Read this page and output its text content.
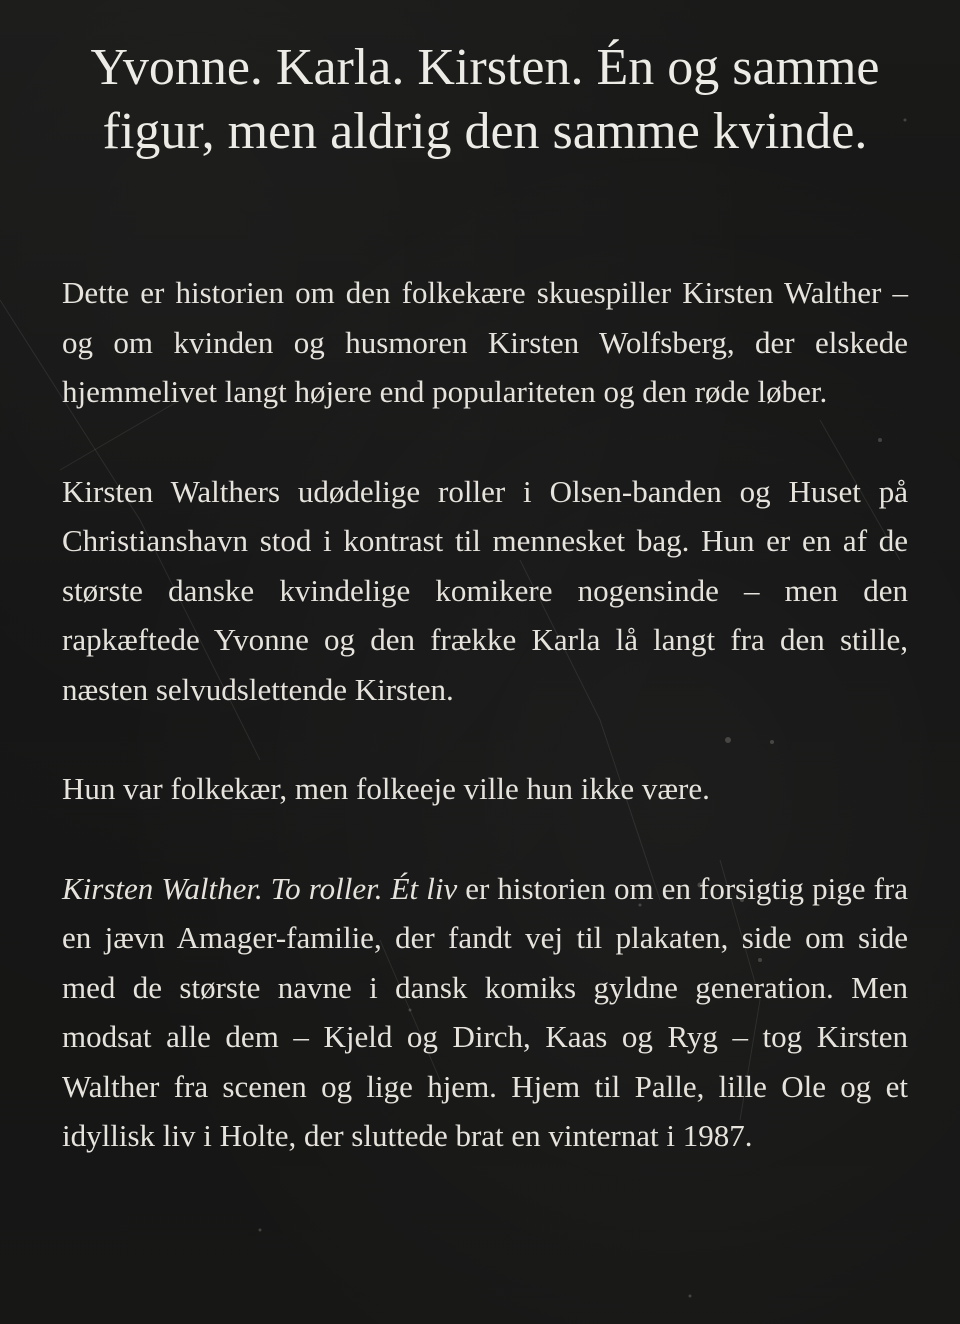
Yvonne. Karla. Kirsten. Én og samme
figur, men aldrig den samme kvinde.

Dette er historien om den folkekære skuespiller Kirsten Walther – og om kvinden og husmoren Kirsten Wolfsberg, der elskede hjemmelivet langt højere end populariteten og den røde løber.

Kirsten Walthers udødelige roller i Olsen-banden og Huset på Christianshavn stod i kontrast til mennesket bag. Hun er en af de største danske kvindelige komikere nogensinde – men den rapkæftede Yvonne og den frække Karla lå langt fra den stille, næsten selvudslettende Kirsten.

Hun var folkekær, men folkeeje ville hun ikke være.

Kirsten Walther. To roller. Ét liv er historien om en forsigtig pige fra en jævn Amager-familie, der fandt vej til plakaten, side om side med de største navne i dansk komiks gyldne generation. Men modsat alle dem – Kjeld og Dirch, Kaas og Ryg – tog Kirsten Walther fra scenen og lige hjem. Hjem til Palle, lille Ole og et idyllisk liv i Holte, der sluttede brat en vinternat i 1987.
